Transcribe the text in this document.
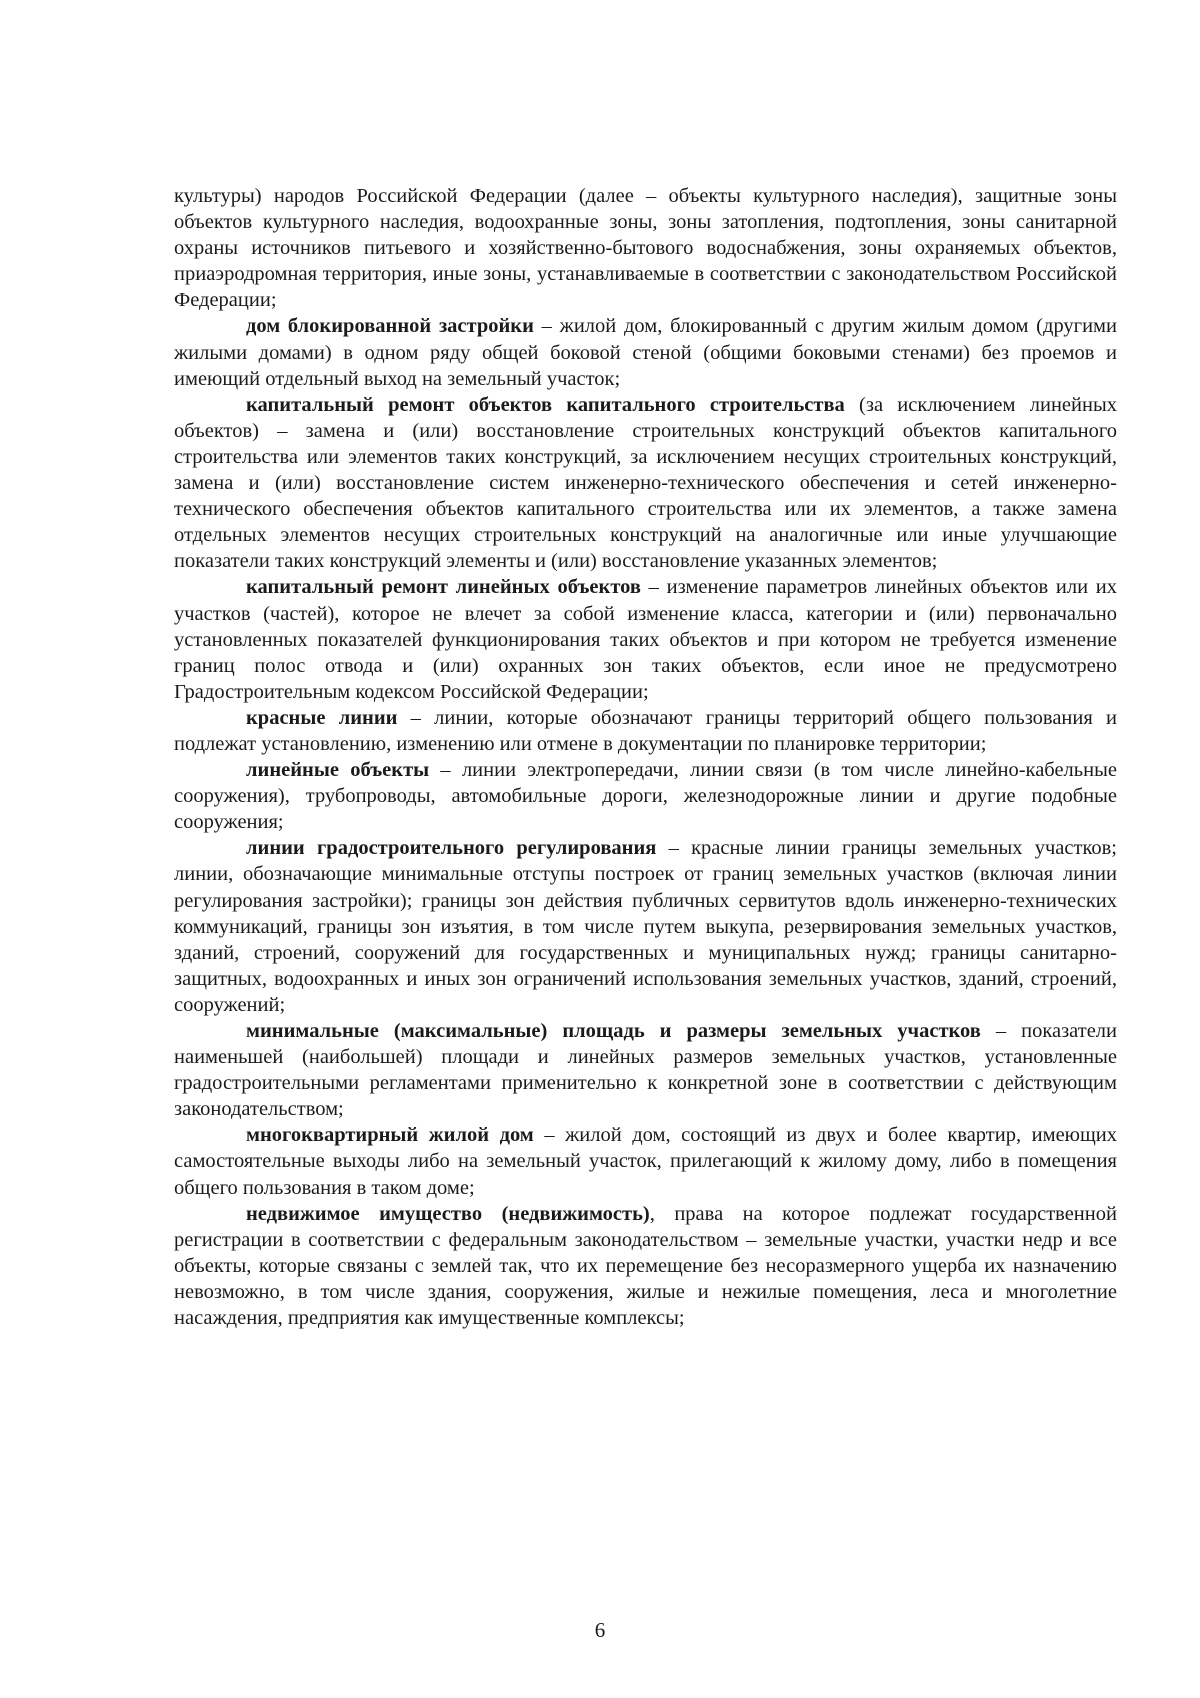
культуры) народов Российской Федерации (далее – объекты культурного наследия), защитные зоны объектов культурного наследия, водоохранные зоны, зоны затопления, подтопления, зоны санитарной охраны источников питьевого и хозяйственно-бытового водоснабжения, зоны охраняемых объектов, приаэродромная территория, иные зоны, устанавливаемые в соответствии с законодательством Российской Федерации;

дом блокированной застройки – жилой дом, блокированный с другим жилым домом (другими жилыми домами) в одном ряду общей боковой стеной (общими боковыми стенами) без проемов и имеющий отдельный выход на земельный участок;

капитальный ремонт объектов капитального строительства (за исключением линейных объектов) – замена и (или) восстановление строительных конструкций объектов капитального строительства или элементов таких конструкций, за исключением несущих строительных конструкций, замена и (или) восстановление систем инженерно-технического обеспечения и сетей инженерно-технического обеспечения объектов капитального строительства или их элементов, а также замена отдельных элементов несущих строительных конструкций на аналогичные или иные улучшающие показатели таких конструкций элементы и (или) восстановление указанных элементов;

капитальный ремонт линейных объектов – изменение параметров линейных объектов или их участков (частей), которое не влечет за собой изменение класса, категории и (или) первоначально установленных показателей функционирования таких объектов и при котором не требуется изменение границ полос отвода и (или) охранных зон таких объектов, если иное не предусмотрено Градостроительным кодексом Российской Федерации;

красные линии – линии, которые обозначают границы территорий общего пользования и подлежат установлению, изменению или отмене в документации по планировке территории;

линейные объекты – линии электропередачи, линии связи (в том числе линейно-кабельные сооружения), трубопроводы, автомобильные дороги, железнодорожные линии и другие подобные сооружения;

линии градостроительного регулирования – красные линии границы земельных участков; линии, обозначающие минимальные отступы построек от границ земельных участков (включая линии регулирования застройки); границы зон действия публичных сервитутов вдоль инженерно-технических коммуникаций, границы зон изъятия, в том числе путем выкупа, резервирования земельных участков, зданий, строений, сооружений для государственных и муниципальных нужд; границы санитарно-защитных, водоохранных и иных зон ограничений использования земельных участков, зданий, строений, сооружений;

минимальные (максимальные) площадь и размеры земельных участков – показатели наименьшей (наибольшей) площади и линейных размеров земельных участков, установленные градостроительными регламентами применительно к конкретной зоне в соответствии с действующим законодательством;

многоквартирный жилой дом – жилой дом, состоящий из двух и более квартир, имеющих самостоятельные выходы либо на земельный участок, прилегающий к жилому дому, либо в помещения общего пользования в таком доме;

недвижимое имущество (недвижимость), права на которое подлежат государственной регистрации в соответствии с федеральным законодательством – земельные участки, участки недр и все объекты, которые связаны с землей так, что их перемещение без несоразмерного ущерба их назначению невозможно, в том числе здания, сооружения, жилые и нежилые помещения, леса и многолетние насаждения, предприятия как имущественные комплексы;

6
